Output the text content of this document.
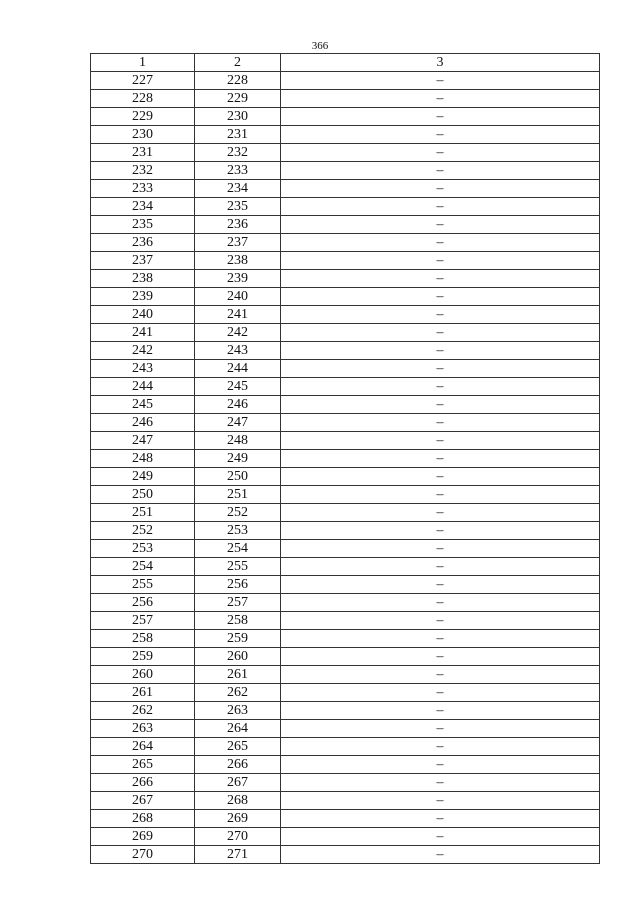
366
1	2	3
227	228	–
228	229	–
229	230	–
230	231	–
231	232	–
232	233	–
233	234	–
234	235	–
235	236	–
236	237	–
237	238	–
238	239	–
239	240	–
240	241	–
241	242	–
242	243	–
243	244	–
244	245	–
245	246	–
246	247	–
247	248	–
248	249	–
249	250	–
250	251	–
251	252	–
252	253	–
253	254	–
254	255	–
255	256	–
256	257	–
257	258	–
258	259	–
259	260	–
260	261	–
261	262	–
262	263	–
263	264	–
264	265	–
265	266	–
266	267	–
267	268	–
268	269	–
269	270	–
270	271	–
